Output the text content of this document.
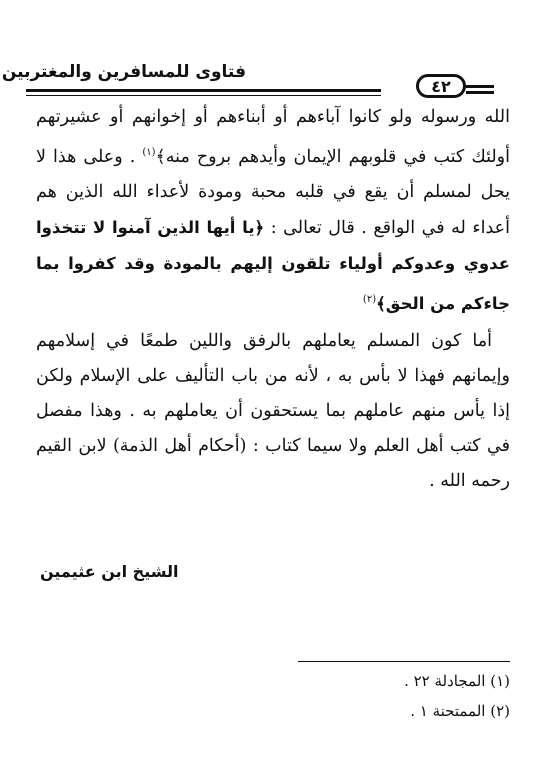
فتاوى للمسافرين والمغتربين
٤٢

الله ورسوله ولو كانوا آباءهم أو أبناءهم أو إخوانهم أو عشيرتهم أولئك كتب في قلوبهم الإيمان وأيدهم بروح منه﴾$^{(١)}$ . وعلى هذا لا يحل لمسلم أن يقع في قلبه محبة ومودة لأعداء الله الذين هم أعداء له في الواقع . قال تعالى : ﴿يا أيها الذين آمنوا لا تتخذوا عدوي وعدوكم أولياء تلقون إليهم بالمودة وقد كفروا بما جاءكم من الحق﴾$^{(٢)}$

أما كون المسلم يعاملهم بالرفق واللين طمعًا في إسلامهم وإيمانهم فهذا لا بأس به ، لأنه من باب التأليف على الإسلام ولكن إذا يأس منهم عاملهم بما يستحقون أن يعاملهم به . وهذا مفصل في كتب أهل العلم ولا سيما كتاب : (أحكام أهل الذمة) لابن القيم رحمه الله .

الشيخ ابن عثيمين
(١) المجادلة ٢٢ .
(٢) الممتحنة ١ .
